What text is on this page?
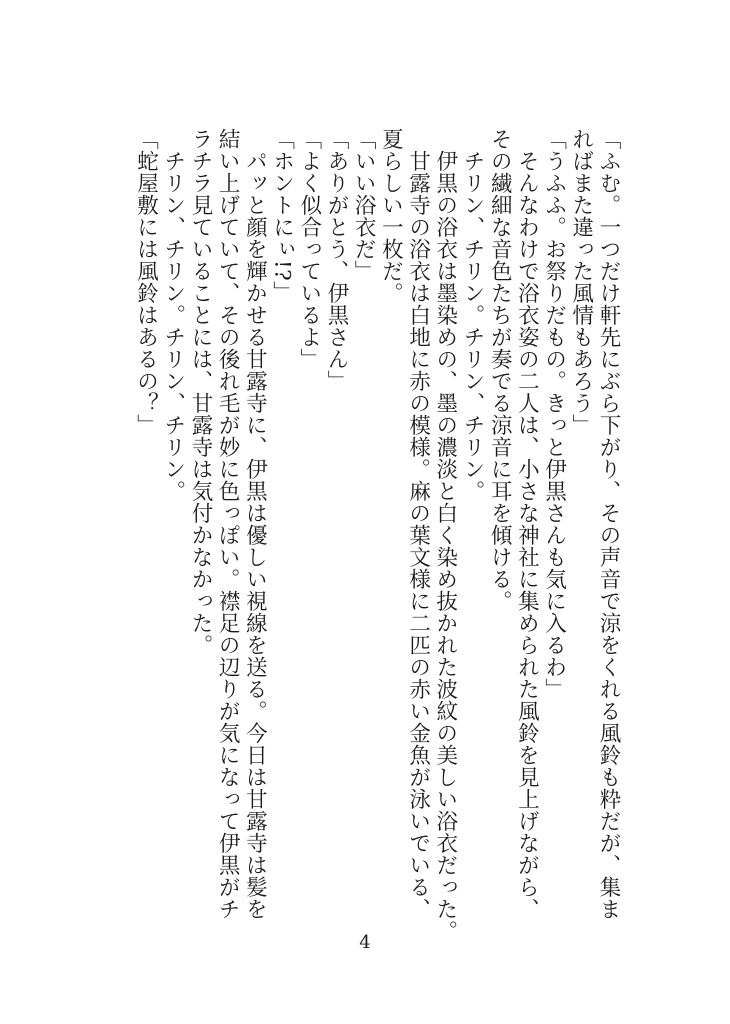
「ふむ。一つだけ軒先にぶら下がり、その声音で涼をくれる風鈴も粋だが、集ま
ればまた違った風情もあろう」
「うふふ。お祭りだもの。きっと伊黒さんも気に入るわ」
　そんなわけで浴衣姿の二人は、小さな神社に集められた風鈴を見上げながら、
その繊細な音色たちが奏でる涼音に耳を傾ける。
　チリン、チリン。チリン、チリン。
　伊黒の浴衣は墨染めの、墨の濃淡と白く染め抜かれた波紋の美しい浴衣だった。
　甘露寺の浴衣は白地に赤の模様。麻の葉文様に二匹の赤い金魚が泳いでいる、
夏らしい一枚だ。
「いい浴衣だ」
「ありがとう、伊黒さん」
「よく似合っているよ」
「ホントにぃ!?」
　パッと顔を輝かせる甘露寺に、伊黒は優しい視線を送る。今日は甘露寺は髪を
結い上げていて、その後れ毛が妙に色っぽい。襟足の辺りが気になって伊黒がチ
ラチラ見ていることには、甘露寺は気付かなかった。
　チリン、チリン。チリン、チリン。
「蛇屋敷には風鈴はあるの？」
4
